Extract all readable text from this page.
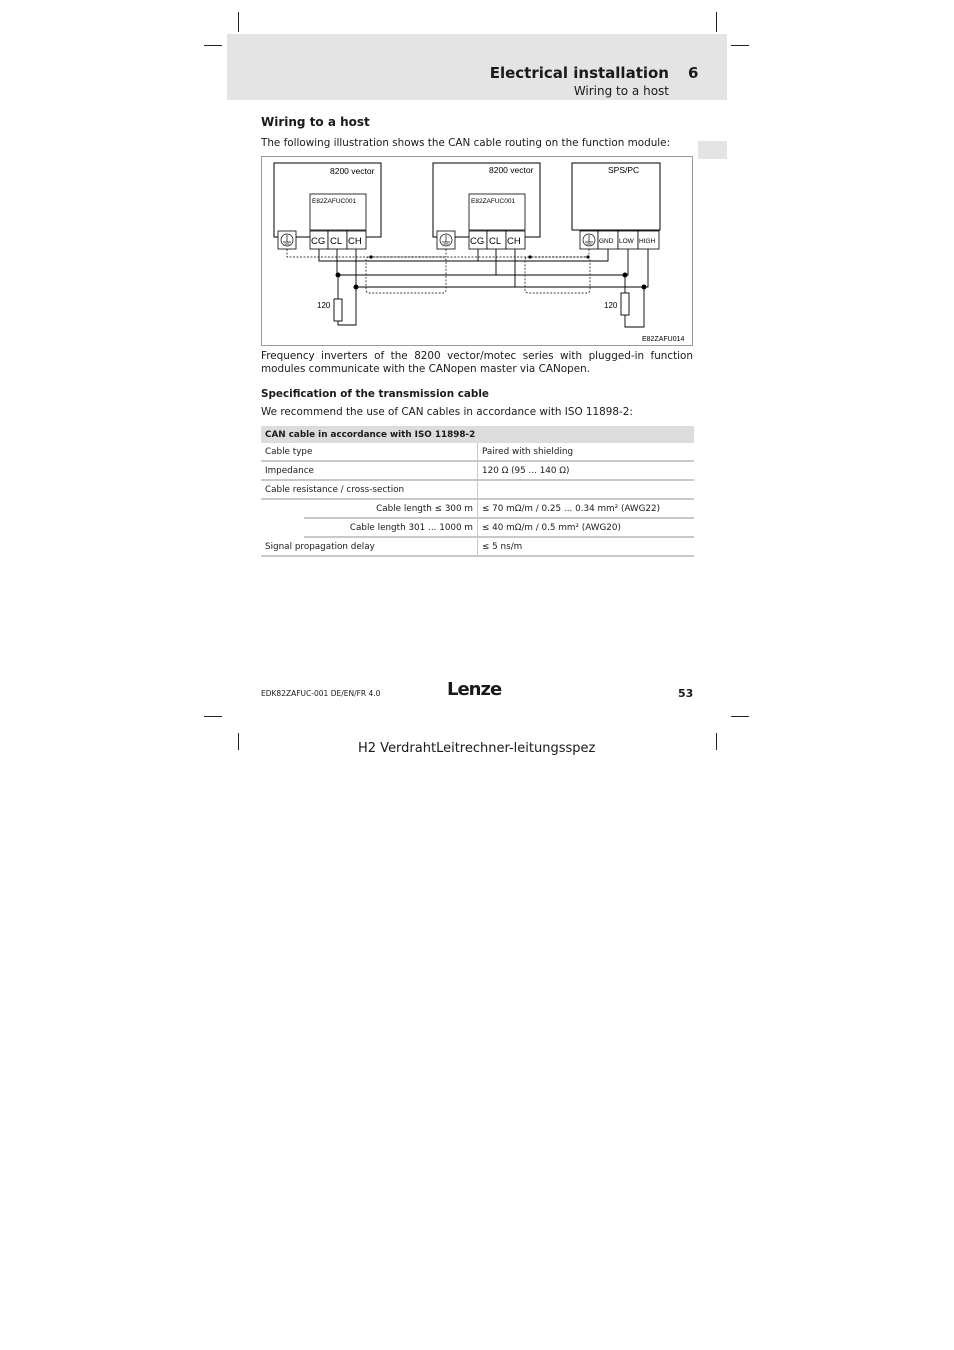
Electrical installation 6
Wiring to a host
Wiring to a host
The following illustration shows the CAN cable routing on the function module:
8200 vector	8200 vector	SPS/PC
E82ZAFUC001	E82ZAFUC001
CG CL CH	CG CL CH	GND LOW HIGH
120	120
E82ZAFU014
Frequency inverters of the 8200 vector/motec series with plugged-in function modules communicate with the CANopen master via CANopen.
Specification of the transmission cable
We recommend the use of CAN cables in accordance with ISO 11898-2:
CAN cable in accordance with ISO 11898-2		
Cable type		Paired with shielding
Impedance		120 Ω (95 ... 140 Ω)
Cable resistance / cross-section		
	Cable length ≤ 300 m	≤ 70 mΩ/m / 0.25 ... 0.34 mm² (AWG22)
	Cable length 301 ... 1000 m	≤ 40 mΩ/m / 0.5 mm² (AWG20)
Signal propagation delay		≤ 5 ns/m
EDK82ZAFUC-001 DE/EN/FR 4.0	Lenze	53
H2 VerdrahtLeitrechner-leitungsspez
